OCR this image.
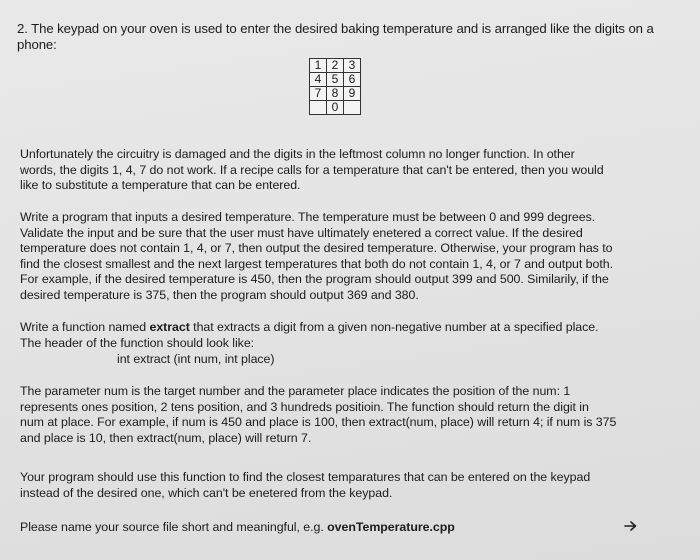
2. The keypad on your oven is used to enter the desired baking temperature and is arranged like the digits on a
phone:
1	2	3
4	5	6
7	8	9
	0	
Unfortunately the circuitry is damaged and the digits in the leftmost column no longer function. In other
words, the digits 1, 4, 7 do not work. If a recipe calls for a temperature that can't be entered, then you would
like to substitute a temperature that can be entered.
Write a program that inputs a desired temperature. The temperature must be between 0 and 999 degrees.
Validate the input and be sure that the user must have ultimately enetered a correct value. If the desired
temperature does not contain 1, 4, or 7, then output the desired temperature. Otherwise, your program has to
find the closest smallest and the next largest temperatures that both do not contain 1, 4, or 7 and output both.
For example, if the desired temperature is 450, then the program should output 399 and 500. Similarily, if the
desired temperature is 375, then the program should output 369 and 380.
Write a function named extract that extracts a digit from a given non-negative number at a specified place.
The header of the function should look like:
int extract (int num, int place)
The parameter num is the target number and the parameter place indicates the position of the num: 1
represents ones position, 2 tens position, and 3 hundreds positioin. The function should return the digit in
num at place. For example, if num is 450 and place is 100, then extract(num, place) will return 4; if num is 375
and place is 10, then extract(num, place) will return 7.
Your program should use this function to find the closest temparatures that can be entered on the keypad
instead of the desired one, which can't be enetered from the keypad.
Please name your source file short and meaningful, e.g. ovenTemperature.cpp
